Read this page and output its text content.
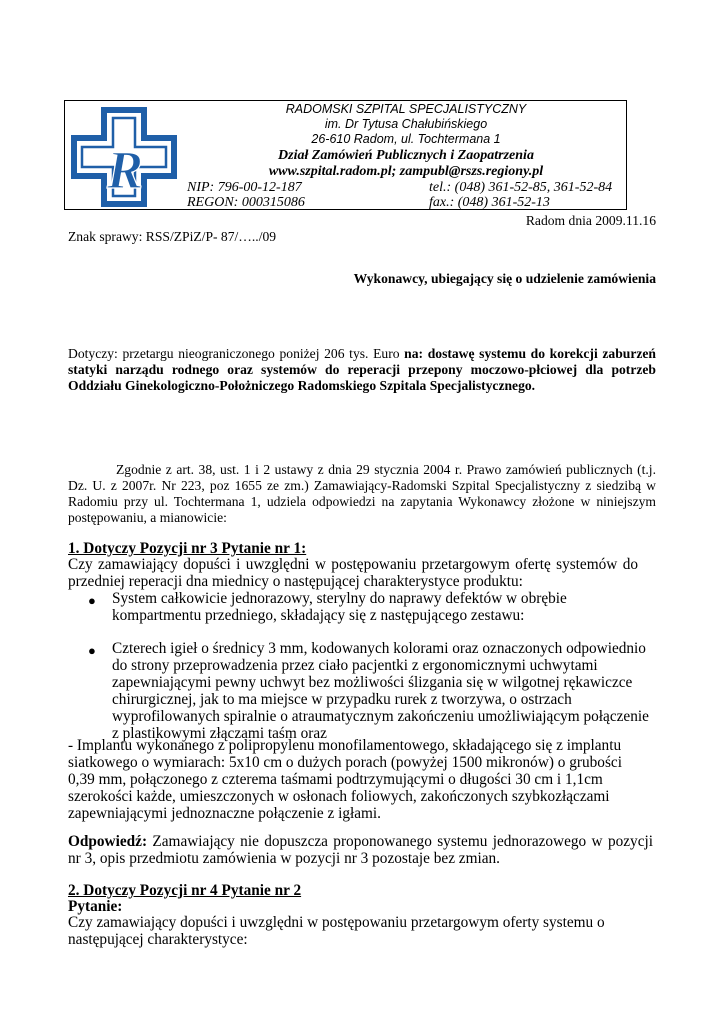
R
RADOMSKI SZPITAL SPECJALISTYCZNY
im. Dr Tytusa Chałubińskiego
26-610 Radom, ul. Tochtermana 1
Dział Zamówień Publicznych i Zaopatrzenia
www.szpital.radom.pl; zampubl@rszs.regiony.pl
NIP: 796-00-12-187	tel.: (048) 361-52-85, 361-52-84
REGON: 000315086	fax.: (048) 361-52-13
Radom dnia 2009.11.16
Znak sprawy: RSS/ZPiZ/P- 87/…../09
Wykonawcy, ubiegający się o udzielenie zamówienia
Dotyczy: przetargu nieograniczonego poniżej 206 tys. Euro na: dostawę systemu do korekcji zaburzeń statyki narządu rodnego oraz systemów do reperacji przepony moczowo-płciowej dla potrzeb Oddziału Ginekologiczno-Położniczego Radomskiego Szpitala Specjalistycznego.
Zgodnie z art. 38, ust. 1 i 2 ustawy z dnia 29 stycznia 2004 r. Prawo zamówień publicznych (t.j. Dz. U. z 2007r. Nr 223, poz 1655 ze zm.) Zamawiający-Radomski Szpital Specjalistyczny z siedzibą w Radomiu przy ul. Tochtermana 1, udziela odpowiedzi na zapytania Wykonawcy złożone w niniejszym postępowaniu, a mianowicie:
1. Dotyczy Pozycji nr 3 Pytanie nr 1:
Czy zamawiający dopuści i uwzględni w postępowaniu przetargowym ofertę systemów do przedniej reperacji dna miednicy o następującej charakterystyce produktu:
● System całkowicie jednorazowy, sterylny do naprawy defektów w obrębie kompartmentu przedniego, składający się z następującego zestawu:
● Czterech igieł o średnicy 3 mm, kodowanych kolorami oraz oznaczonych odpowiednio do strony przeprowadzenia przez ciało pacjentki z ergonomicznymi uchwytami zapewniającymi pewny uchwyt bez możliwości ślizgania się w wilgotnej rękawiczce chirurgicznej, jak to ma miejsce w przypadku rurek z tworzywa, o ostrzach wyprofilowanych spiralnie o atraumatycznym zakończeniu umożliwiającym połączenie z plastikowymi złączami taśm oraz
- Implantu wykonanego z polipropylenu monofilamentowego, składającego się z implantu siatkowego o wymiarach: 5x10 cm o dużych porach (powyżej 1500 mikronów) o grubości 0,39 mm, połączonego z czterema taśmami podtrzymującymi o długości 30 cm i 1,1cm szerokości każde, umieszczonych w osłonach foliowych, zakończonych szybkozłączami zapewniającymi jednoznaczne połączenie z igłami.
Odpowiedź: Zamawiający nie dopuszcza proponowanego systemu jednorazowego w pozycji nr 3, opis przedmiotu zamówienia w pozycji nr 3 pozostaje bez zmian.
2. Dotyczy Pozycji nr 4 Pytanie nr 2
Pytanie:
Czy zamawiający dopuści i uwzględni w postępowaniu przetargowym oferty systemu o następującej charakterystyce:
